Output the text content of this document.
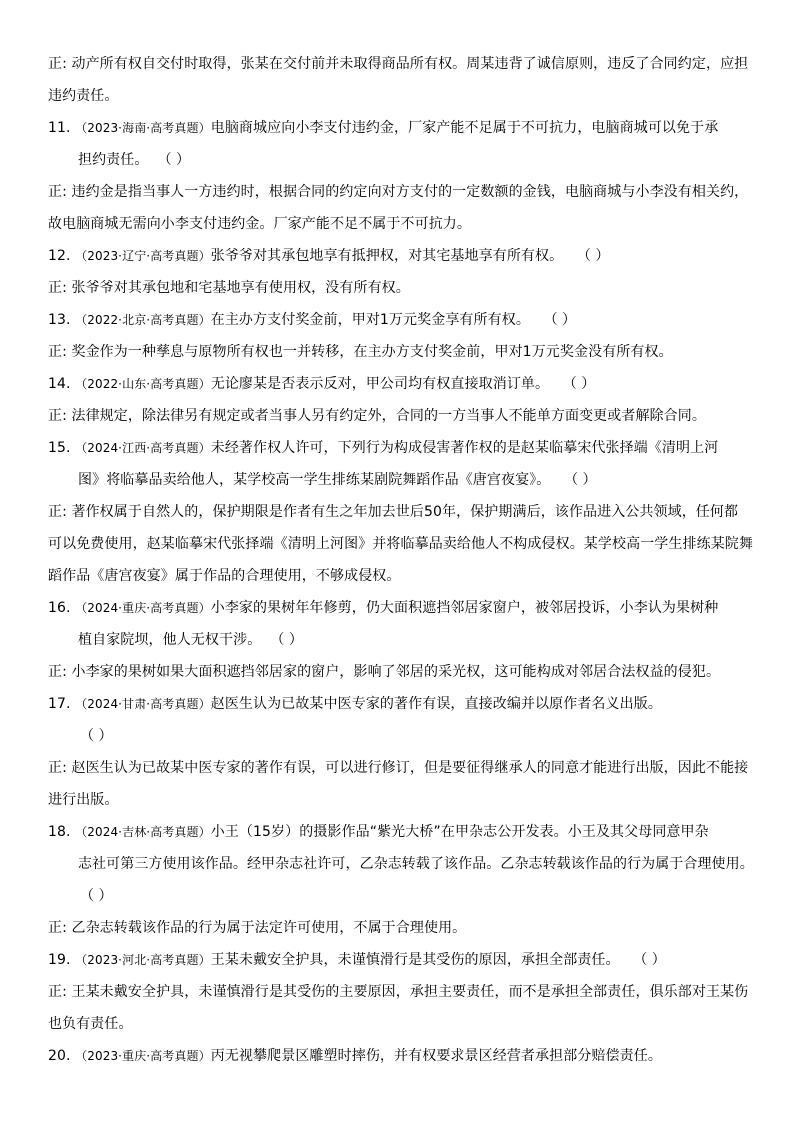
正: 动产所有权自交付时取得，张某在交付前并未取得商品所有权。周某违背了诚信原则，违反了合同约定，应担
违约责任。
11. （2023·海南·高考真题）电脑商城应向小李支付违约金，厂家产能不足属于不可抗力，电脑商城可以免于承
担约责任。 （ ）
正: 违约金是指当事人一方违约时，根据合同的约定向对方支付的一定数额的金钱，电脑商城与小李没有相关约，
故电脑商城无需向小李支付违约金。厂家产能不足不属于不可抗力。
12. （2023·辽宁·高考真题）张爷爷对其承包地享有抵押权，对其宅基地享有所有权。 （ ）
正: 张爷爷对其承包地和宅基地享有使用权，没有所有权。
13. （2022·北京·高考真题）在主办方支付奖金前，甲对1万元奖金享有所有权。 （ ）
正: 奖金作为一种孳息与原物所有权也一并转移，在主办方支付奖金前，甲对1万元奖金没有所有权。
14. （2022·山东·高考真题）无论廖某是否表示反对，甲公司均有权直接取消订单。 （ ）
正: 法律规定，除法律另有规定或者当事人另有约定外，合同的一方当事人不能单方面变更或者解除合同。
15. （2024·江西·高考真题）未经著作权人许可，下列行为构成侵害著作权的是赵某临摹宋代张择端《清明上河
图》将临摹品卖给他人，某学校高一学生排练某剧院舞蹈作品《唐宫夜宴》。 （ ）
正: 著作权属于自然人的，保护期限是作者有生之年加去世后50年，保护期满后，该作品进入公共领域，任何都
可以免费使用，赵某临摹宋代张择端《清明上河图》并将临摹品卖给他人不构成侵权。某学校高一学生排练某院舞
蹈作品《唐宫夜宴》属于作品的合理使用，不够成侵权。
16. （2024·重庆·高考真题）小李家的果树年年修剪，仍大面积遮挡邻居家窗户，被邻居投诉，小李认为果树种
植自家院坝，他人无权干涉。 （ ）
正: 小李家的果树如果大面积遮挡邻居家的窗户，影响了邻居的采光权，这可能构成对邻居合法权益的侵犯。
17. （2024·甘肃·高考真题）赵医生认为已故某中医专家的著作有误，直接改编并以原作者名义出版。
（ ）
正: 赵医生认为已故某中医专家的著作有误，可以进行修订，但是要征得继承人的同意才能进行出版，因此不能接
进行出版。
18. （2024·吉林·高考真题）小王（15岁）的摄影作品“紫光大桥”在甲杂志公开发表。小王及其父母同意甲杂
志社可第三方使用该作品。经甲杂志社许可，乙杂志转载了该作品。乙杂志转载该作品的行为属于合理使用。
（ ）
正: 乙杂志转载该作品的行为属于法定许可使用，不属于合理使用。
19. （2023·河北·高考真题）王某未戴安全护具，未谨慎滑行是其受伤的原因，承担全部责任。 （ ）
正: 王某未戴安全护具，未谨慎滑行是其受伤的主要原因，承担主要责任，而不是承担全部责任，俱乐部对王某伤
也负有责任。
20. （2023·重庆·高考真题）丙无视攀爬景区雕塑时摔伤，并有权要求景区经营者承担部分赔偿责任。
